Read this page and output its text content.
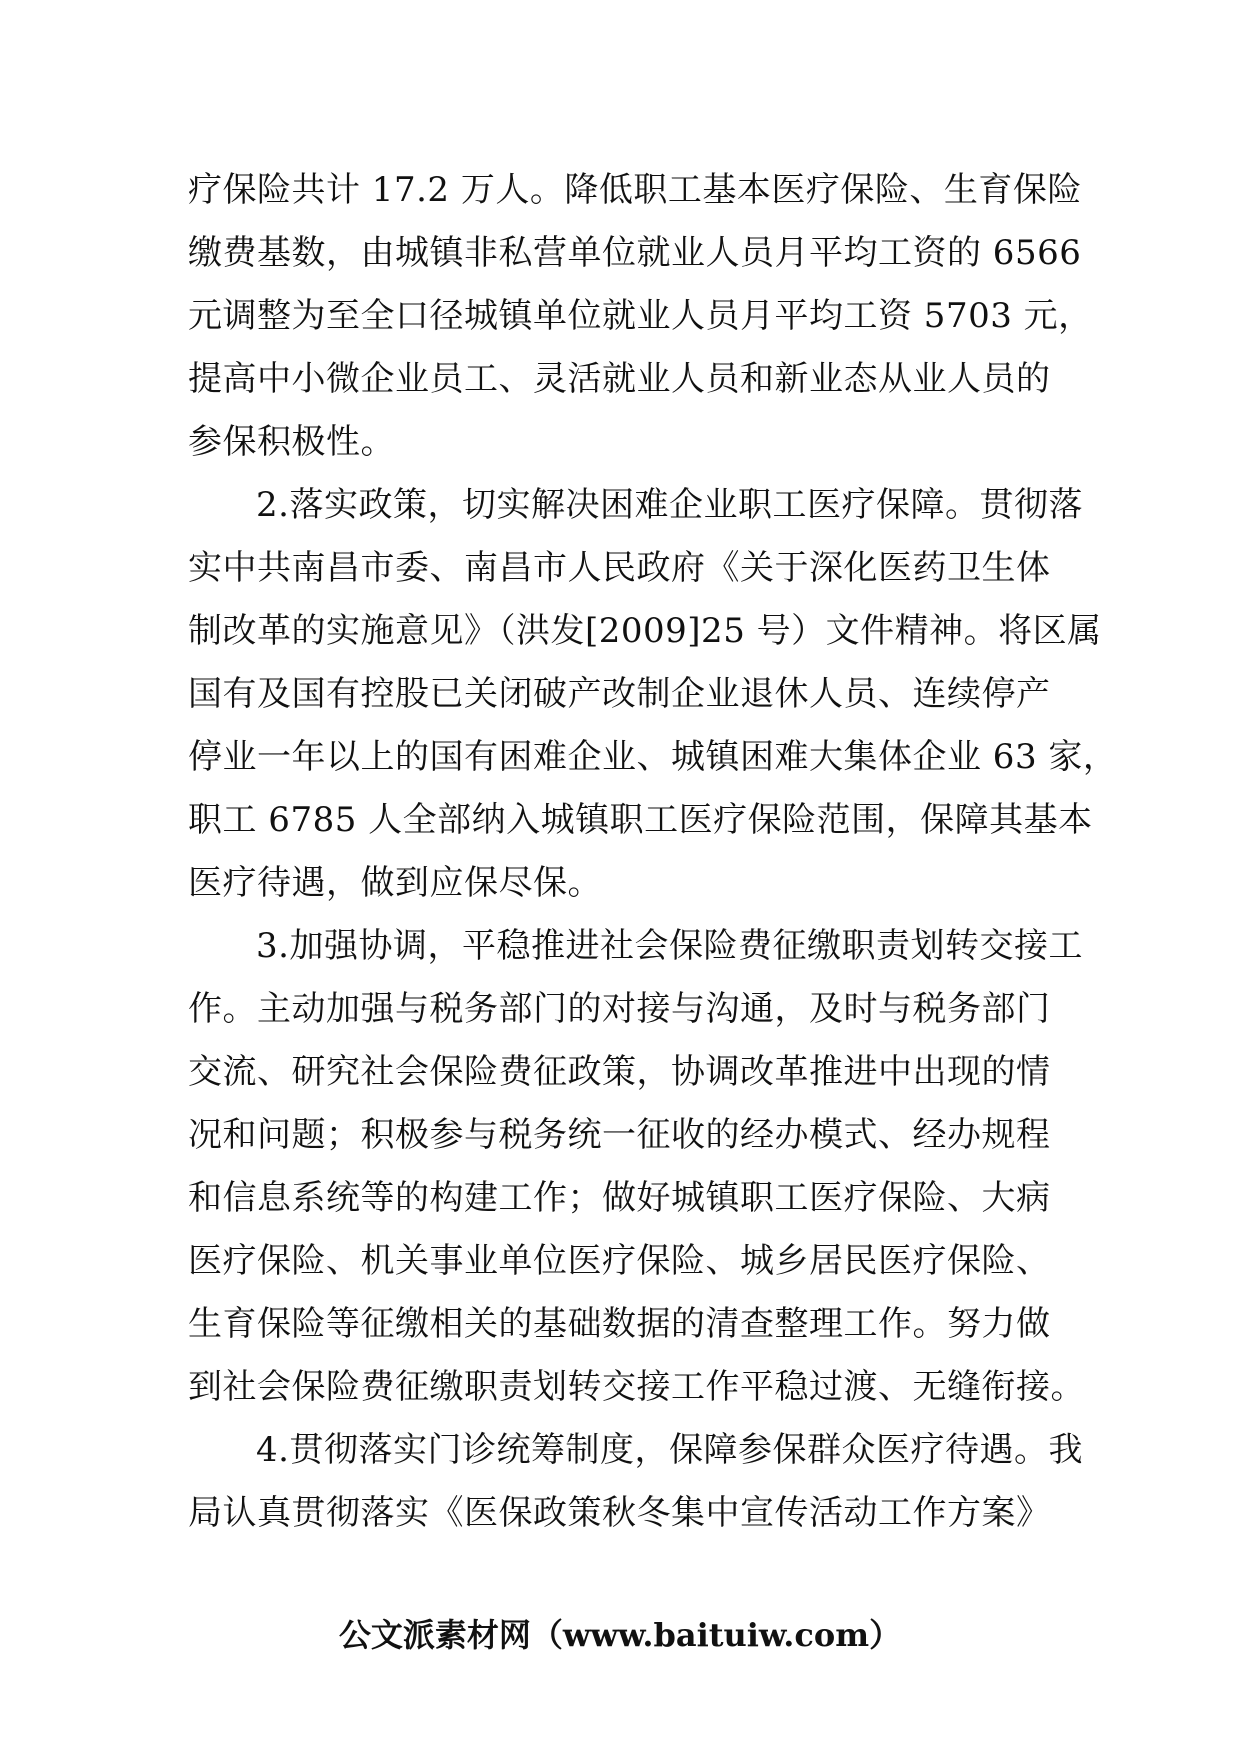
疗保险共计 17.2 万人。降低职工基本医疗保险、生育保险
缴费基数，由城镇非私营单位就业人员月平均工资的 6566
元调整为至全口径城镇单位就业人员月平均工资 5703 元，
提高中小微企业员工、灵活就业人员和新业态从业人员的
参保积极性。
2.落实政策，切实解决困难企业职工医疗保障。贯彻落
实中共南昌市委、南昌市人民政府《关于深化医药卫生体
制改革的实施意见》（洪发[2009]25 号）文件精神。将区属
国有及国有控股已关闭破产改制企业退休人员、连续停产
停业一年以上的国有困难企业、城镇困难大集体企业 63 家，
职工 6785 人全部纳入城镇职工医疗保险范围，保障其基本
医疗待遇，做到应保尽保。
3.加强协调，平稳推进社会保险费征缴职责划转交接工
作。主动加强与税务部门的对接与沟通，及时与税务部门
交流、研究社会保险费征政策，协调改革推进中出现的情
况和问题；积极参与税务统一征收的经办模式、经办规程
和信息系统等的构建工作；做好城镇职工医疗保险、大病
医疗保险、机关事业单位医疗保险、城乡居民医疗保险、
生育保险等征缴相关的基础数据的清查整理工作。努力做
到社会保险费征缴职责划转交接工作平稳过渡、无缝衔接。
4.贯彻落实门诊统筹制度，保障参保群众医疗待遇。我
局认真贯彻落实《医保政策秋冬集中宣传活动工作方案》
公文派素材网（www.baituiw.com）
